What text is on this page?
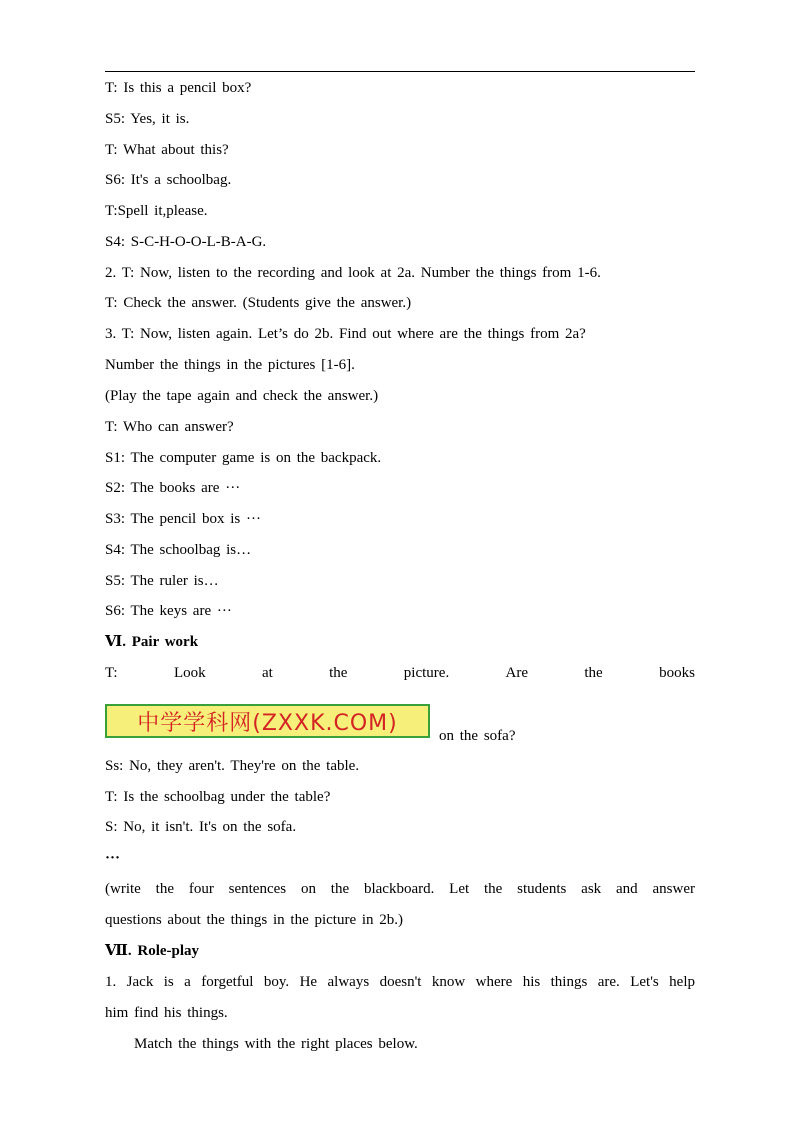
T: Is this a pencil box?
S5: Yes, it is.
T: What about this?
S6: It's a schoolbag.
T:Spell it,please.
S4: S-C-H-O-O-L-B-A-G.
2. T: Now, listen to the recording and look at 2a. Number the things from 1-6.
T: Check the answer. (Students give the answer.)
3. T: Now, listen again. Let’s do 2b. Find out where are the things from 2a?
Number the things in the pictures [1-6].
(Play the tape again and check the answer.)
T: Who can answer?
S1: The computer game is on the backpack.
S2: The books are ···
S3: The pencil box is ···
S4: The schoolbag is…
S5: The ruler is…
S6: The keys are ···
Ⅵ. Pair work
T:	Look	at	the	picture.	Are	the	books
中学学科网(ZXXK.COM)
on the sofa?
Ss: No, they aren't. They're on the table.
T: Is the schoolbag under the table?
S: No, it isn't. It's on the sofa.
···
(write the four sentences on the blackboard. Let the students ask and answer
questions about the things in the picture in 2b.)
Ⅶ. Role-play
1. Jack is a forgetful boy. He always doesn't know where his things are. Let's help
him find his things.
Match the things with the right places below.
